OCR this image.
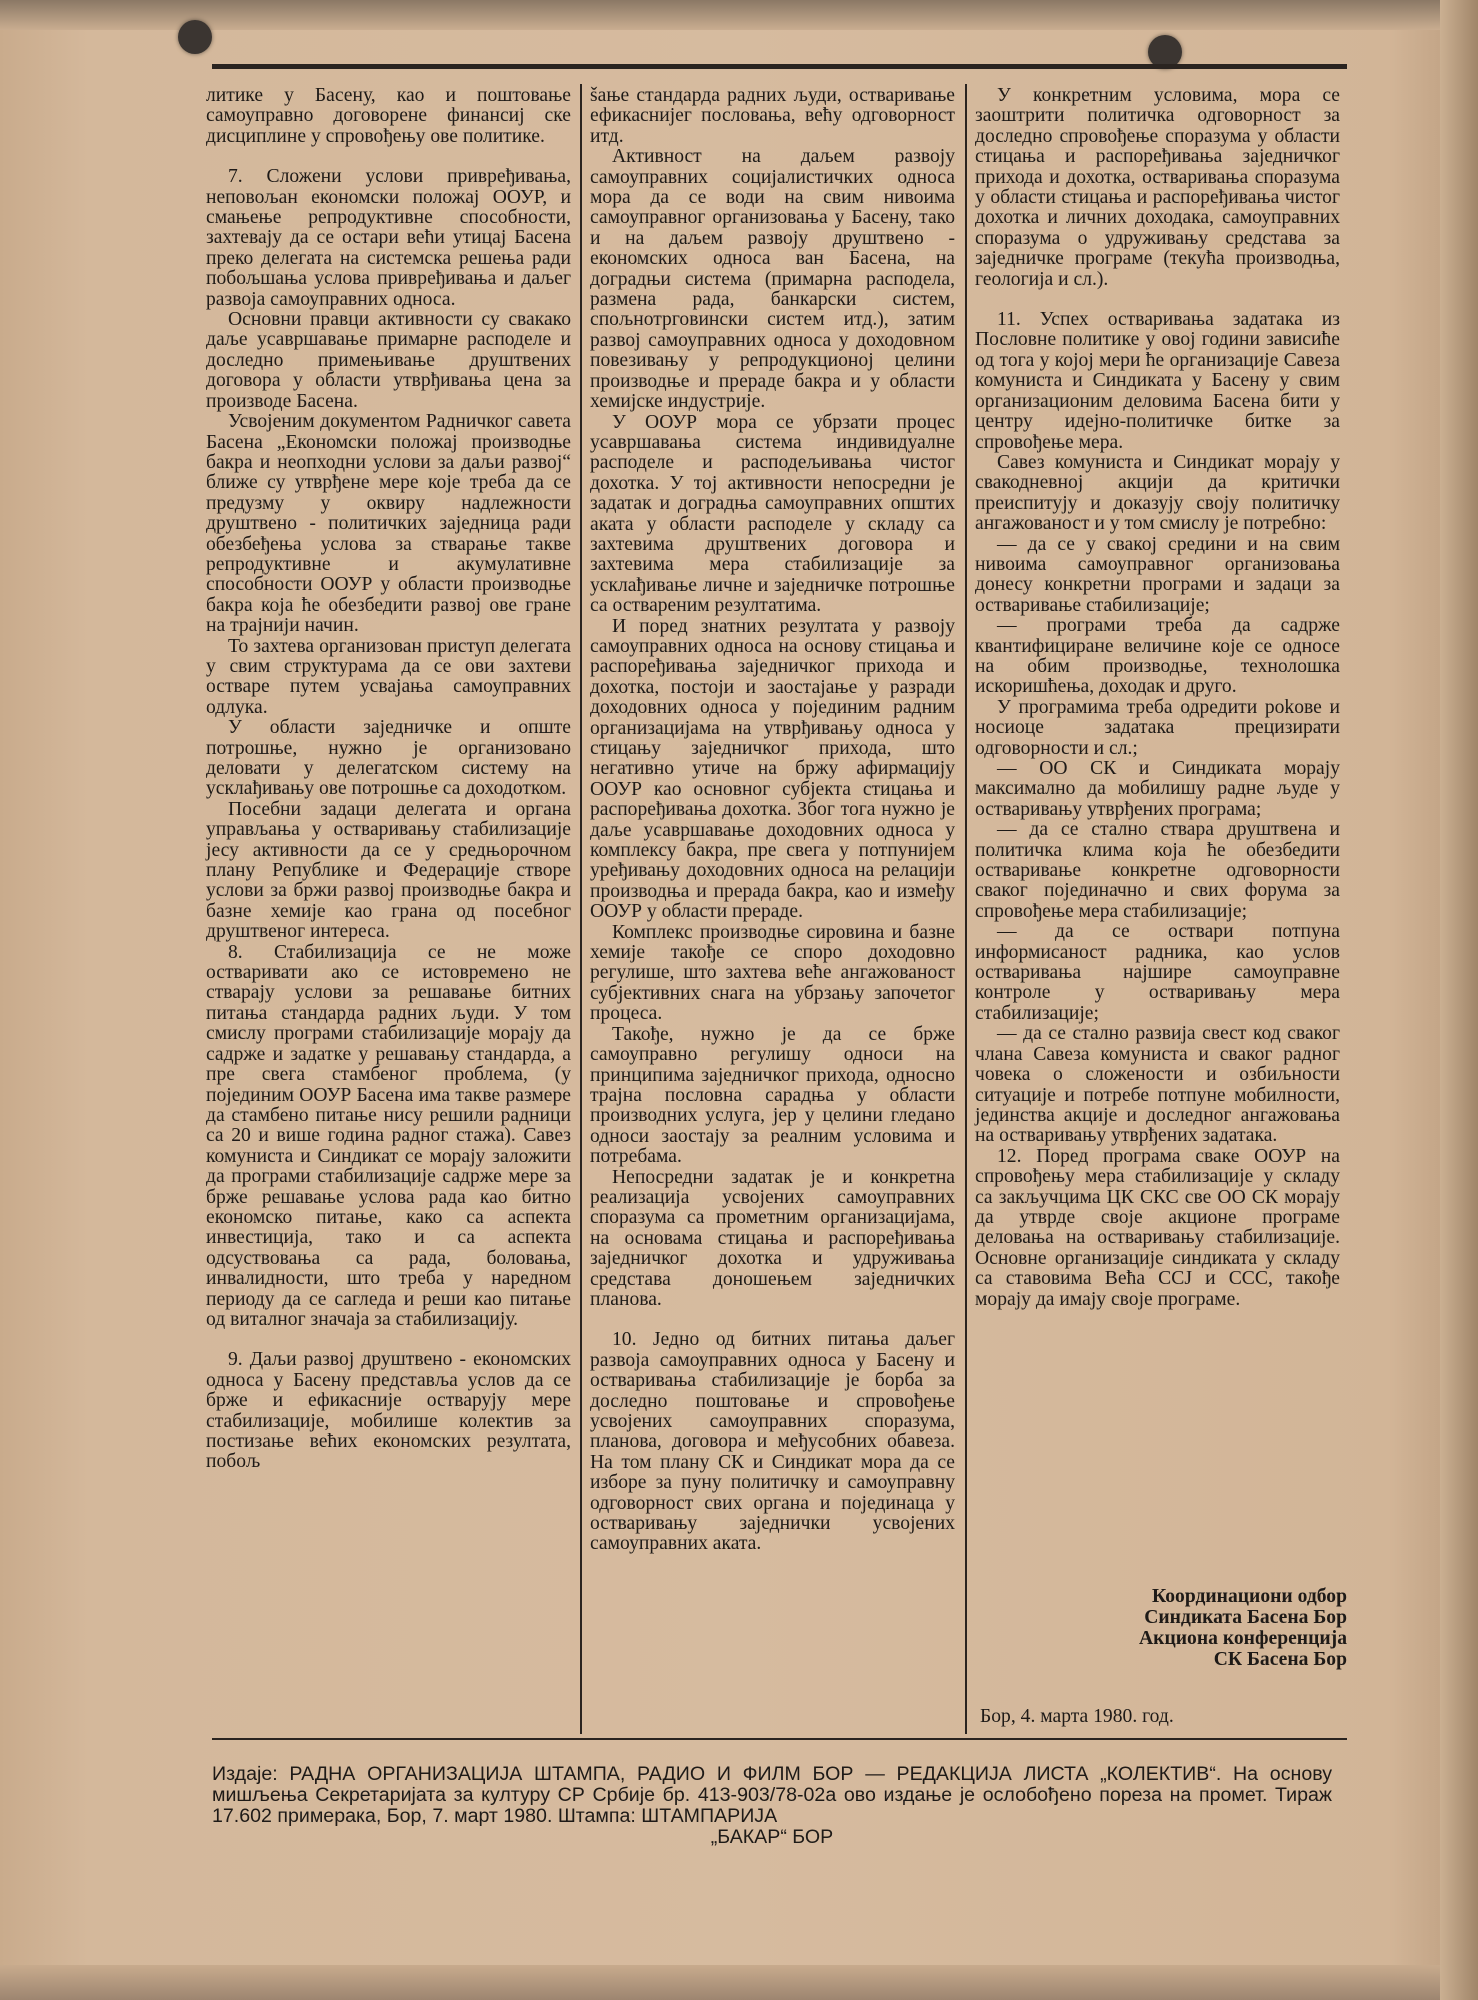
литике у Басену, као и поштовање самоуправно договорене финансиј ске дисциплине у спровођењу ове политике.

7. Сложени услови привређивања, неповољан економски положај ООУР, и смањење репродуктивне способности, захтевају да се остари већи утицај Басена преко делегата на системска решења ради побољшања услова привређивања и даљег развоја самоуправних односа.

Основни правци активности су свакако даље усавршавање примарне расподеле и доследно примењивање друштвених договора у области утврђивања цена за производе Басена.

Усвојеним документом Радничког савета Басена „Економски положај производње бакра и неопходни услови за даљи развој“ ближе су утврђене мере које треба да се предузму у оквиру надлежности друштвено - политичких заједница ради обезбеђења услова за стварање такве репродуктивне и акумулативне способности ООУР у области производње бакра која ће обезбедити развој ове гране на трајнији начин.

То захтева организован приступ делегата у свим структурама да се ови захтеви остваре путем усвајања самоуправних одлука.

У области заједничке и опште потрошње, нужно је организовано деловати у делегатском систему на усклађивању ове потрошње са доходотком.

Посебни задаци делегата и органа управљања у остваривању стабилизације јесу активности да се у средњорочном плану Републике и Федерације створе услови за бржи развој производње бакра и базне хемије као грана од посебног друштвеног интереса.

8. Стабилизација се не може оствaривати ако се истовремено не стварају услови за решавање битних питања стандарда радних људи. У том смислу програми стабилизације морају да садрже и задатке у решавању стандарда, а пре свега стамбеног проблема, (у појединим ООУР Басена има такве размере да стамбено питање нису решили радници са 20 и више година радног стажа). Савез комуниста и Синдикат се морају заложити да програми стабилизације садрже мере за брже решавање услова рада као битно економско питање, како са аспекта инвестиција, тако и са аспекта одсуствовања са рада, боловања, инвалидности, што треба у наредном периоду да се сагледа и реши као питање од виталног значаја за стабилизацију.

9. Даљи развој друштвено - економских односа у Басену представља услов да се брже и ефикасније остварују мере стабилизације, мобилише колектив за постизање већих економских резултата, побољ

šање стандарда радних људи, остваривање ефикаснијег пословања, већу одговорност итд.

Активност на даљем развоју самоуправних социјалистичких односа мора да се води на свим нивоима самоуправног организовања у Басену, тако и на даљем развоју друштвено - економских односа ван Басена, на доградњи система (примарна расподела, размена рада, банкарски систем, спољнотрговински систем итд.), затим развој самоуправних односа у доходовном повезивању у репродукционој целини производње и прераде бакра и у области хемијске индустрије.

У ООУР мора се убрзати процес усавршавања система индивидуалне расподеле и расподељивања чистог дохотка. У тој активности непосредни је задатак и доградња самоуправних општих аката у области расподеле у складу са захтевима друштвених договора и захтевима мера стабилизације за усклађивање личне и заједничке потрошње са оствареним резултатима.

И поред знатних резултата у развоју самоуправних односа на основу стицања и распоређивања заједничког прихода и дохотка, постоји и заостајање у разради доходовних односа у појединим радним организацијама на утврђивању односа у стицању заједничког прихода, што негативно утиче на бржу афирмацију ООУР као основног субјекта стицања и распоређивања дохотка. Због тога нужно је даље усавршавање доходовних односа у комплексу бакра, пре свега у потпунијем уређивању доходовних односа на релацији производња и прерада бакра, као и између ООУР у области прераде.

Комплекс производње сировина и базне хемије такође се споро доходовно регулише, што захтева веће ангажованост субјективних снага на убрзању започетог процеса.

Такође, нужно је да се брже самоуправно регулишу односи на принципима заједничког прихода, односно трајна пословна сарадња у области производних услуга, јер у целини гледано односи заостају за реалним условима и потребама.

Непосредни задатак је и конкретна реализација усвојених самоуправних споразума са прометним организацијама, на основама стицања и распоређивања заједничког дохотка и удруживања средстава доношењем заједничких планова.

10. Једно од битних питања даљег развоја самоуправних односа у Басену и остваривања стабилизације је борба за доследно поштовање и спровођење усвојених самоуправних споразума, планова, договора и међусобних обавеза. На том плану СК и Синдикат мора да се изборе за пуну политичку и самоуправну одговорност свих органа и појединаца у остваривању заједнички усвојених самоуправних аката.

У конкретним условима, мора се заоштрити политичка одговорност за доследно спровођење споразума у области стицања и распоређивања заједничког прихода и дохотка, остваривања споразума у области стицања и распоређивања чистог дохотка и личних доходака, самоуправних споразума о удруживању средстава за заједничке програме (текућа производња, геологија и сл.).

11. Успех остваривања задатака из Пословне политике у овој години зависиће од тога у којој мери ће организације Савеза комуниста и Синдиката у Басену у свим организационим деловима Басена бити у центру идејно-политичке битке за спровођење мера.

Савез комуниста и Синдикат морају у свакодневној акцији да критички преиспитују и доказују своју политичку ангажованост и у том смислу је потребно:

— да се у свакој средини и на свим нивоима самоуправног организовања донесу конкретни програми и задаци за остваривање стабилизације;

— програми треба да садрже квантифициране величине које се односе на обим производње, технолошка искоришћења, доходак и друго.

У програмима треба одредити роkове и носиоце задатака прецизирати одговорности и сл.;

— ОО СК и Синдиката морају максимално да мобилишу радне људе у остваривању утврђених програма;

— да се стално ствара друштвена и политичка клима која ће обезбедити остваривање конкретне одговорности сваког појединачно и свих форума за спровођење мера стабилизације;

— да се оствари потпуна информисаност радника, као услов остваривања најшире самоуправне контроле у остваривању мера стабилизације;

— да се стално развија свест код сваког члана Савеза комуниста и сваког радног човека о сложености и озбиљности ситуације и потребе потпуне мобилности, јединства акције и доследног ангажовања на остваривању утврђених задатака.

12. Поред програма сваке ООУР на спровођењу мера стабилизације у складу са закључцима ЦК СКС све ОО СК морају да утврде своје акционе програме деловања на остваривању стабилизације. Основне организације синдиката у складу са ставовима Већа ССЈ и ССС, такође морају да имају своје програме.

Координациони одбор
Синдиката Басена Бор
Акциона конференција
СК Басена Бор
Бор, 4. марта 1980. год.
Издаје: РАДНА ОРГАНИЗАЦИЈА ШТАМПА, РАДИО И ФИЛМ БОР — РЕДАКЦИЈА ЛИСТА „КОЛЕКТИВ“. На основу мишљења Секретаријата за културу СР Србије бр. 413-903/78-02а ово издање је ослобођено пореза на промет. Тираж 17.602 примерака, Бор, 7. март 1980. Штампа: ШТАМПАРИЈА
„БАКАР“ БОР
